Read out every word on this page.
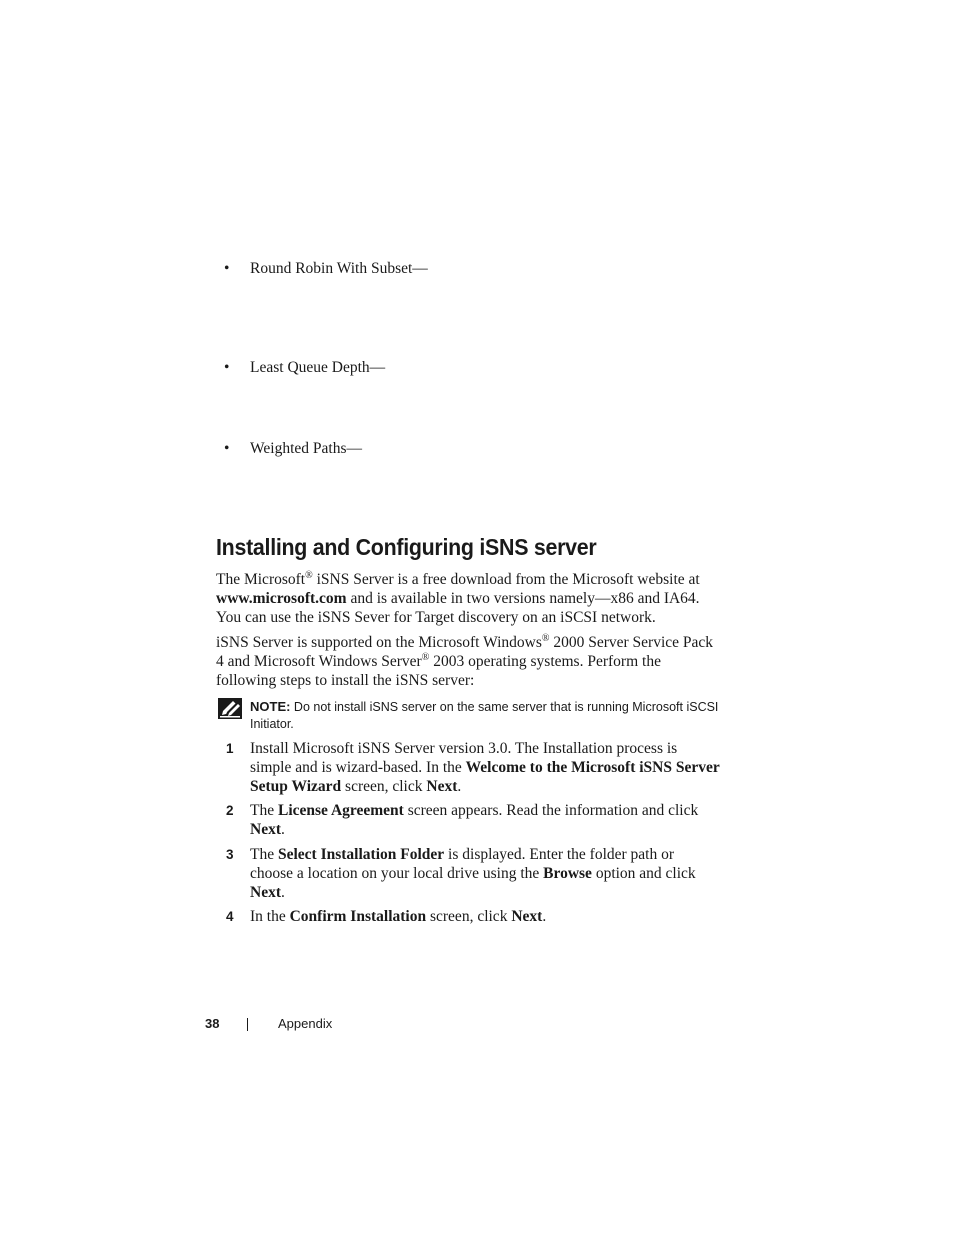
• Round Robin With Subset—
• Least Queue Depth—
• Weighted Paths—
Installing and Configuring iSNS server
The Microsoft® iSNS Server is a free download from the Microsoft website at www.microsoft.com and is available in two versions namely—x86 and IA64. You can use the iSNS Sever for Target discovery on an iSCSI network.
iSNS Server is supported on the Microsoft Windows® 2000 Server Service Pack 4 and Microsoft Windows Server® 2003 operating systems. Perform the following steps to install the iSNS server:
NOTE: Do not install iSNS server on the same server that is running Microsoft iSCSI Initiator.
1 Install Microsoft iSNS Server version 3.0. The Installation process is simple and is wizard-based. In the Welcome to the Microsoft iSNS Server Setup Wizard screen, click Next.
2 The License Agreement screen appears. Read the information and click Next.
3 The Select Installation Folder is displayed. Enter the folder path or choose a location on your local drive using the Browse option and click Next.
4 In the Confirm Installation screen, click Next.
38	Appendix
